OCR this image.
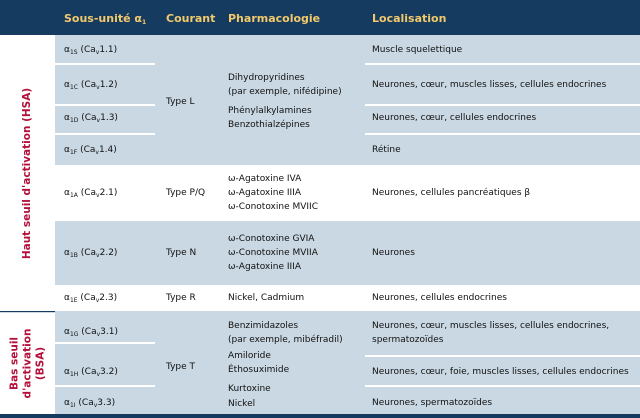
Sous-unité $\alpha_1$ Courant Pharmacologie	Localisation
Haut seuil d'activation (HSA)
Bas seuil d'activation (BSA)
$\alpha_{1S}$ $(Ca_v1.1)$
$\alpha_{1C}$ $(Ca_v1.2)$
$\alpha_{1D}$ $(Ca_v1.3)$
$\alpha_{1F}$ $(Ca_v1.4)$
$\alpha_{1A}$ $(Ca_v2.1)$
$\alpha_{1B}$ $(Ca_v2.2)$
$\alpha_{1E}$ $(Ca_v2.3)$
$\alpha_{1G}$ $(Ca_v3.1)$
$\alpha_{1H}$ $(Ca_v3.2)$
$\alpha_{1I}$ $(Ca_v3.3)$
Type L
Type P/Q
Type N
Type R
Type T
Dihydropyridines
(par exemple, nifédipine)
Phénylalkylamines
Benzothialzépines
ω-Agatoxine IVA
ω-Agatoxine IIIA
ω-Conotoxine MVIIC
ω-Conotoxine GVIA
ω-Conotoxine MVIIA
ω-Agatoxine IIIA
Nickel, Cadmium
Benzimidazoles
(par exemple, mibéfradil)
Amiloride
Éthosuximide
Kurtoxine
Nickel
Muscle squelettique
Neurones, cœur, muscles lisses, cellules endocrines
Neurones, cœur, cellules endocrines
Rétine
Neurones, cellules pancréatiques β
Neurones
Neurones, cellules endocrines
Neurones, cœur, muscles lisses, cellules endocrines,
spermatozoïdes
Neurones, cœur, foie, muscles lisses, cellules endocrines
Neurones, spermatozoïdes
